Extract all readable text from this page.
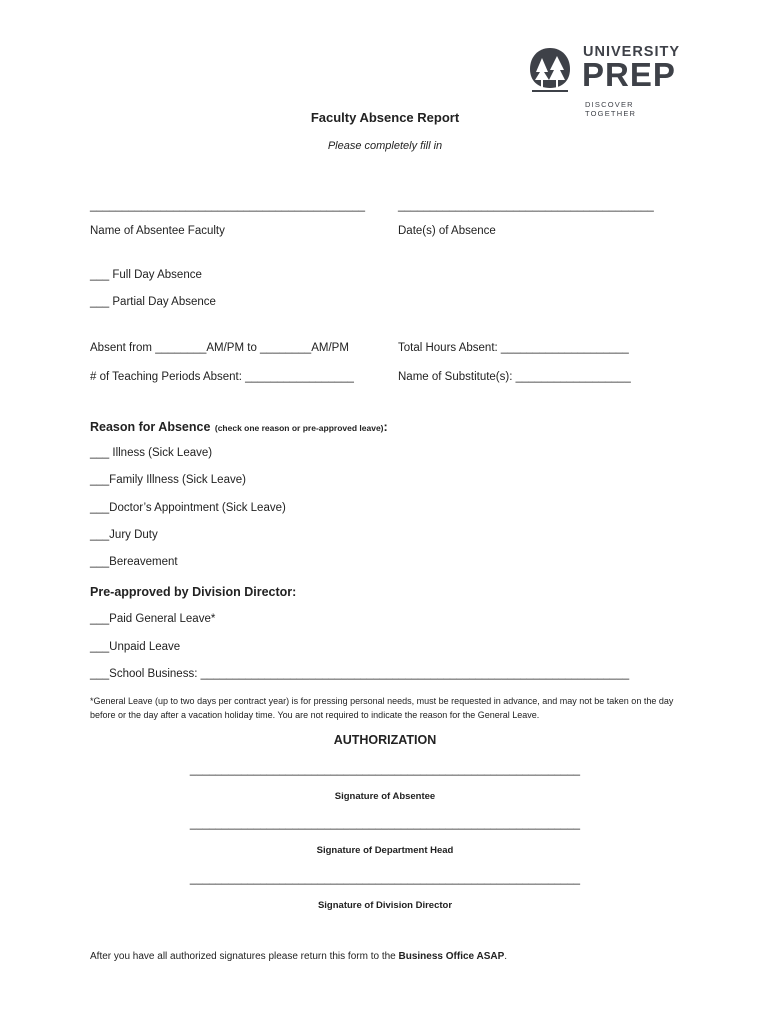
UNIVERSITY
PREP
DISCOVER TOGETHER
Faculty Absence Report
Please completely fill in
___________________________________________	________________________________________
Name of Absentee Faculty	Date(s) of Absence
___ Full Day Absence
___ Partial Day Absence
Absent from ________AM/PM to ________AM/PM	Total Hours Absent: ____________________
# of Teaching Periods Absent: _________________	Name of Substitute(s): __________________
Reason for Absence (check one reason or pre-approved leave):
___ Illness (Sick Leave)
___Family Illness (Sick Leave)
___Doctor’s Appointment (Sick Leave)
___Jury Duty
___Bereavement
Pre-approved by Division Director:
___Paid General Leave*
___Unpaid Leave
___School Business: ___________________________________________________________________
*General Leave (up to two days per contract year) is for pressing personal needs, must be requested in advance, and may not be taken on the day before or the day after a vacation holiday time. You are not required to indicate the reason for the General Leave.
AUTHORIZATION
_____________________________________________________________
Signature of Absentee
_____________________________________________________________
Signature of Department Head
_____________________________________________________________
Signature of Division Director
After you have all authorized signatures please return this form to the Business Office ASAP.
